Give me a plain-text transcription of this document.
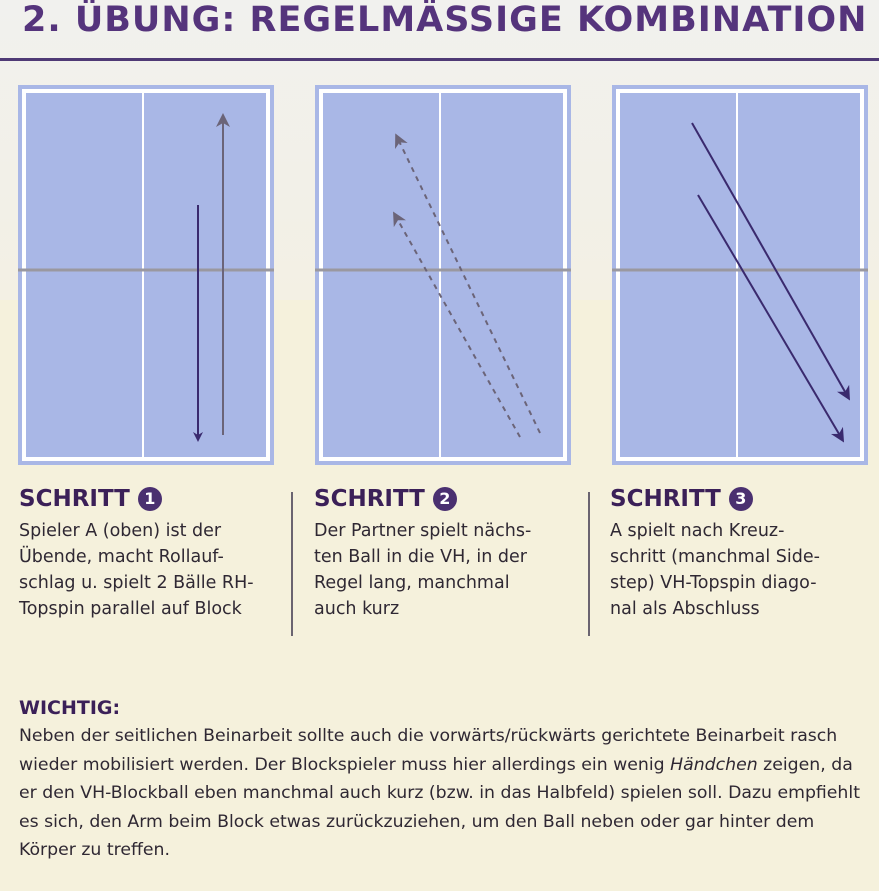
2. ÜBUNG: REGELMÄSSIGE KOMBINATION
SCHRITT 1
Spieler A (oben) ist der
Übende, macht Rollauf-
schlag u. spielt 2 Bälle RH-
Topspin parallel auf Block
SCHRITT 2
Der Partner spielt nächs-
ten Ball in die VH, in der
Regel lang, manchmal
auch kurz
SCHRITT 3
A spielt nach Kreuz-
schritt (manchmal Side-
step) VH-Topspin diago-
nal als Abschluss
WICHTIG:
Neben der seitlichen Beinarbeit sollte auch die vorwärts/rückwärts gerichtete Beinarbeit rasch wieder mobilisiert werden. Der Blockspieler muss hier allerdings ein wenig Händchen zeigen, da er den VH-Blockball eben manchmal auch kurz (bzw. in das Halbfeld) spielen soll. Dazu empfiehlt es sich, den Arm beim Block etwas zurückzuziehen, um den Ball neben oder gar hinter dem Körper zu treffen.
